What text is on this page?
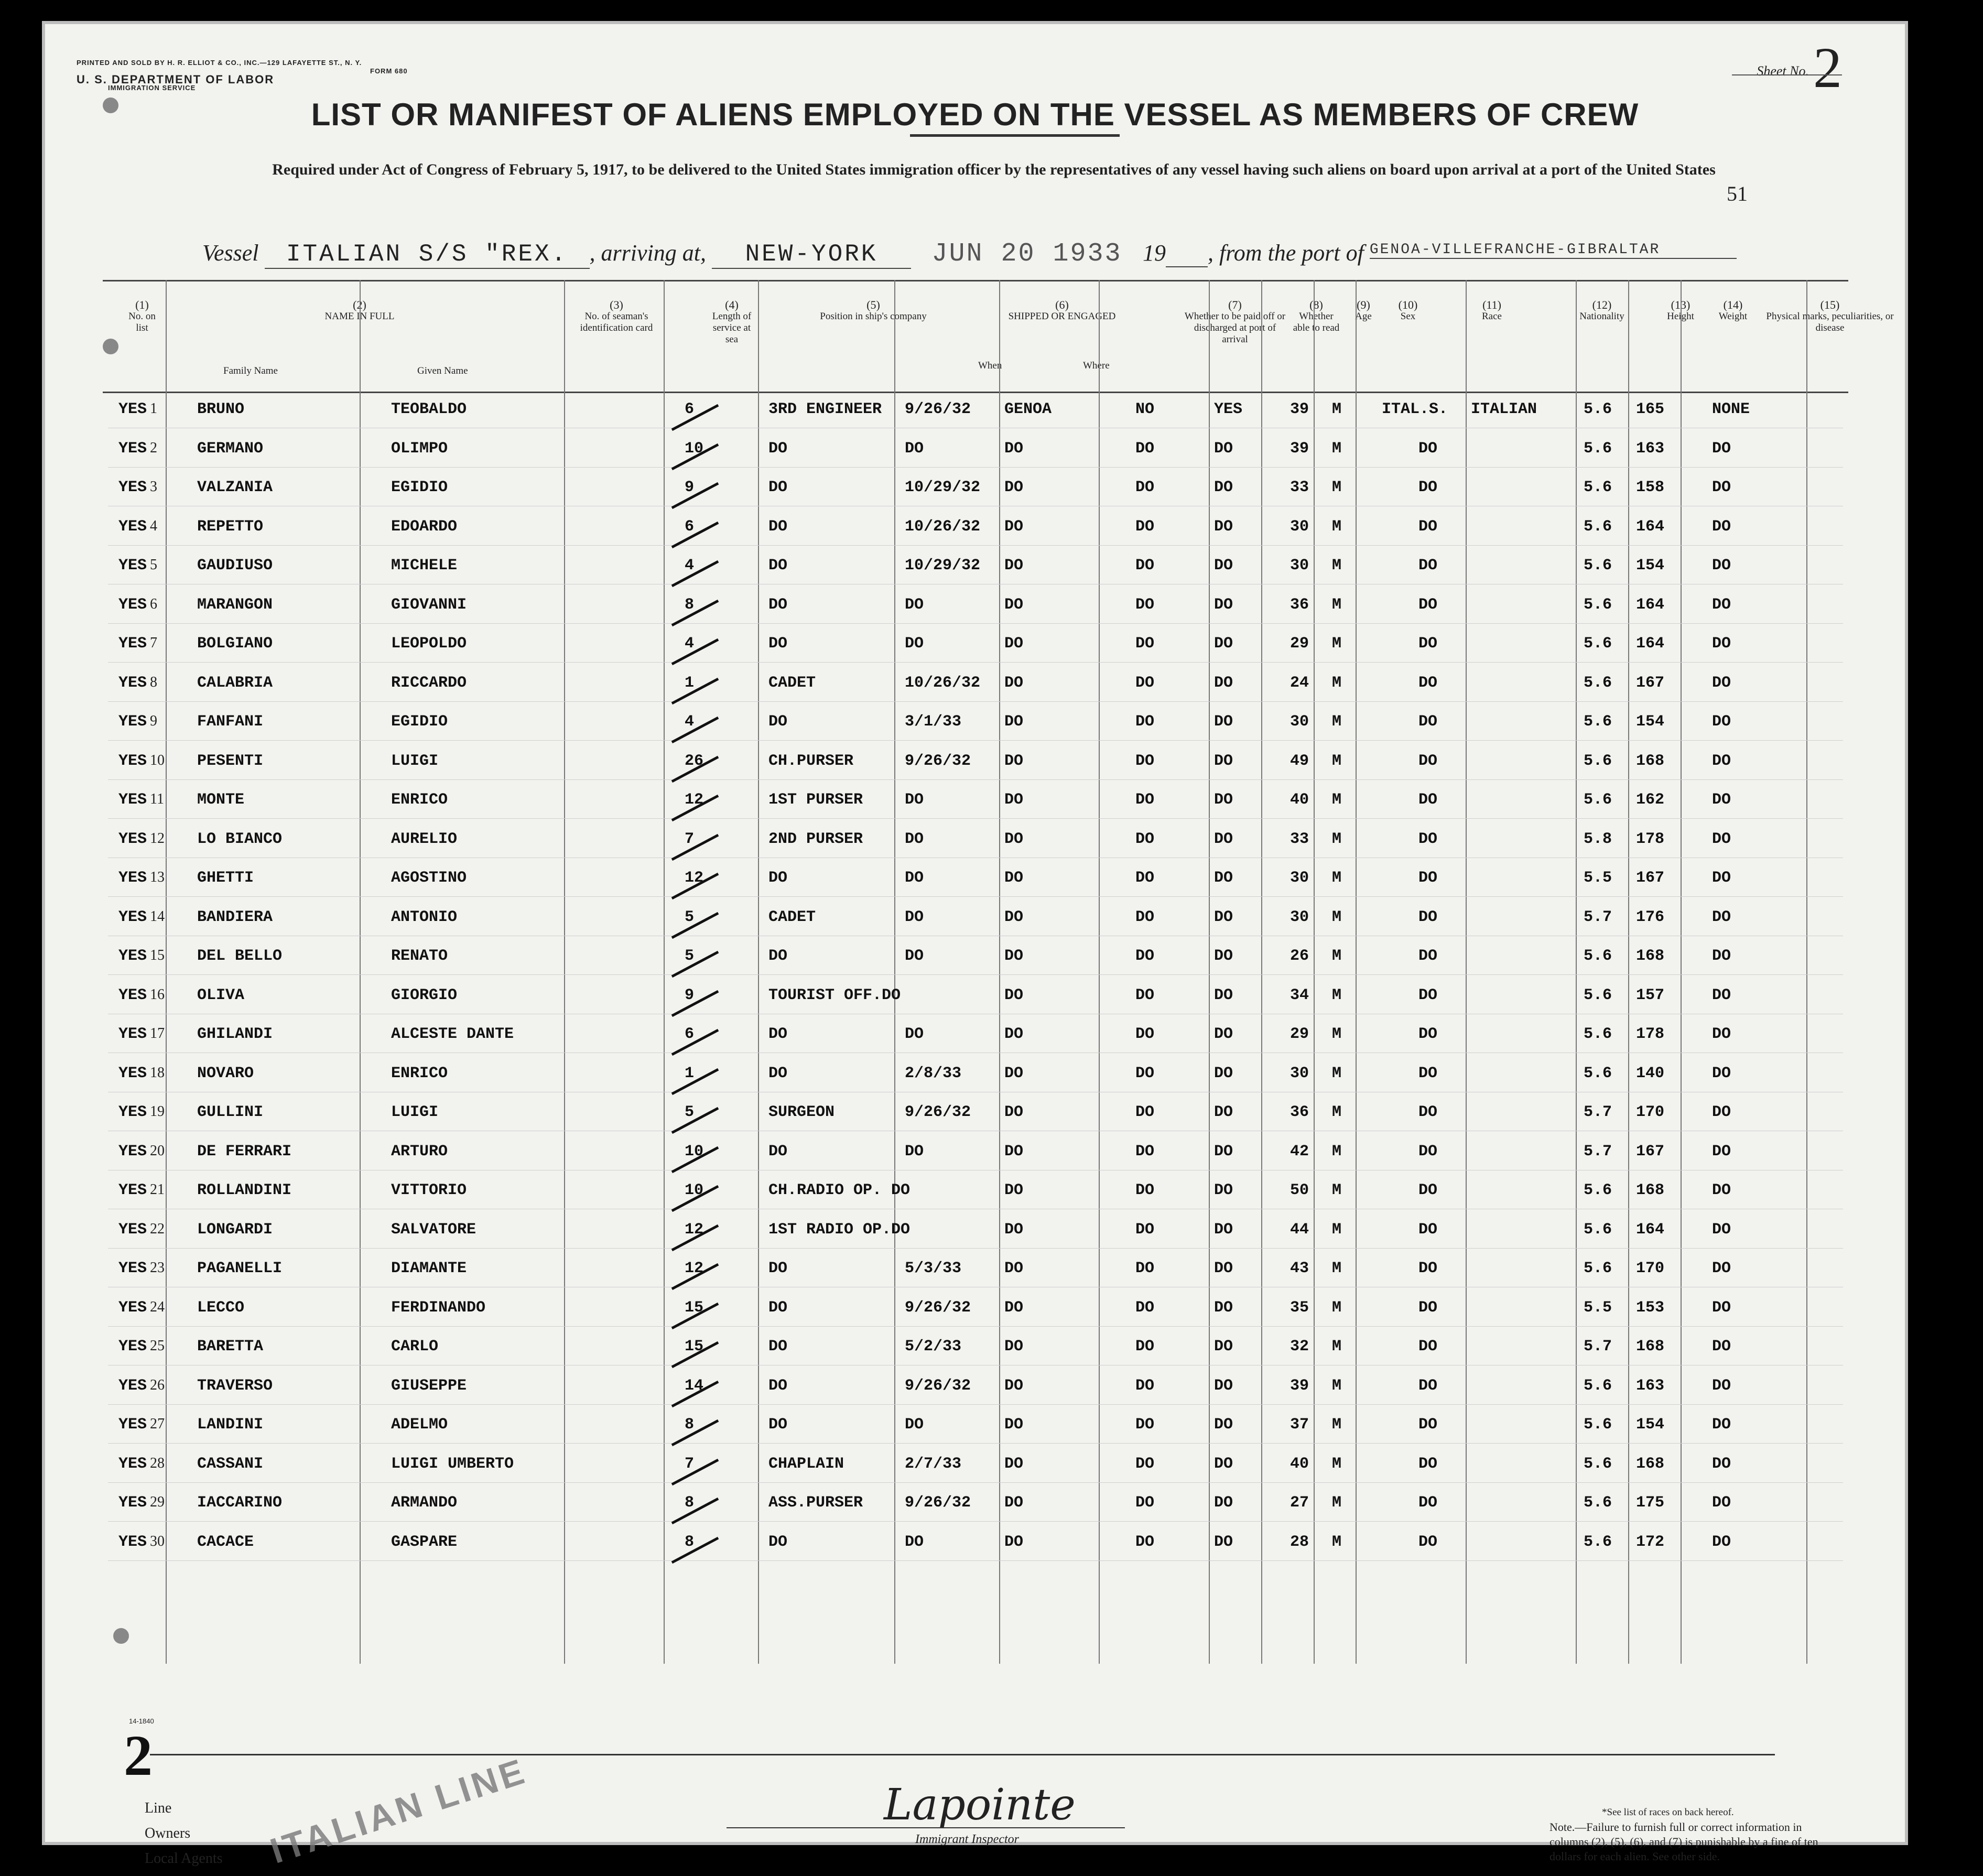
PRINTED AND SOLD BY H. R. ELLIOT & CO., INC.—129 LAFAYETTE ST., N. Y.
FORM 680
U. S. DEPARTMENT OF LABOR
IMMIGRATION SERVICE
Sheet No.2
LIST OR MANIFEST OF ALIENS EMPLOYED ON THE VESSEL AS MEMBERS OF CREW
Required under Act of Congress of February 5, 1917, to be delivered to the United States immigration officer by the representatives of any vessel having such aliens on board upon arrival at a port of the United States
51
Vessel ITALIAN S/S "REX. , arriving at, NEW-YORK JUN 20 1933 19 , from the port of GENOA-VILLEFRANCHE-GIBRALTAR
(1)
No. on list
(2)
NAME IN FULL
Family Name	Given Name
(3)
No. of seaman's identification card
(4)
Length of service at sea
(5)
Position in ship's company
(6)
SHIPPED OR ENGAGED
When	Where
(7)
Whether to be paid off or discharged at port of arrival
(8)
Whether able to read
(9)
Age
(10)
Sex
(11)
Race
(12)
Nationality
(13)
Height
(14)
Weight
(15)
Physical marks, peculiarities, or disease
YES 1	BRUNO	TEOBALDO	6	3RD ENGINEER 9/26/32 GENOA	NO	YES	39 M	ITAL.S. ITALIAN	5.6 165	NONE
YES 2	GERMANO	OLIMPO	10	DO	DO	DO	DO	DO	39 M	DO	5.6 163	DO
YES 3	VALZANIA	EGIDIO	9	DO	10/29/32 DO	DO	DO	33 M	DO	5.6 158	DO
YES 4	REPETTO	EDOARDO	6	DO	10/26/32 DO	DO	DO	30 M	DO	5.6 164	DO
YES 5	GAUDIUSO	MICHELE	4	DO	10/29/32 DO	DO	DO	30 M	DO	5.6 154	DO
YES 6	MARANGON	GIOVANNI	8	DO	DO	DO	DO	DO	36 M	DO	5.6 164	DO
YES 7	BOLGIANO	LEOPOLDO	4	DO	DO	DO	DO	DO	29 M	DO	5.6 164	DO
YES 8	CALABRIA	RICCARDO	1	CADET	10/26/32 DO	DO	DO	24 M	DO	5.6 167	DO
YES 9	FANFANI	EGIDIO	4	DO	3/1/33	DO	DO	DO	30 M	DO	5.6 154	DO
YES 10 PESENTI	LUIGI	26	CH.PURSER	9/26/32 DO	DO	DO	49 M	DO	5.6 168	DO
YES 11 MONTE	ENRICO	12	1ST PURSER	DO	DO	DO	DO	40 M	DO	5.6 162	DO
YES 12 LO BIANCO	AURELIO	7	2ND PURSER	DO	DO	DO	DO	33 M	DO	5.8 178	DO
YES 13 GHETTI	AGOSTINO	12	DO	DO	DO	DO	DO	30 M	DO	5.5 167	DO
YES 14 BANDIERA	ANTONIO	5	CADET	DO	DO	DO	DO	30 M	DO	5.7 176	DO
YES 15 DEL BELLO	RENATO	5	DO	DO	DO	DO	DO	26 M	DO	5.6 168	DO
YES 16 OLIVA	GIORGIO	9	TOURIST OFF.DO	DO	DO	DO	34 M	DO	5.6 157	DO
YES 17 GHILANDI	ALCESTE DANTE	6	DO	DO	DO	DO	DO	29 M	DO	5.6 178	DO
YES 18 NOVARO	ENRICO	1	DO	2/8/33	DO	DO	DO	30 M	DO	5.6 140	DO
YES 19 GULLINI	LUIGI	5	SURGEON	9/26/32 DO	DO	DO	36 M	DO	5.7 170	DO
YES 20 DE FERRARI	ARTURO	10	DO	DO	DO	DO	DO	42 M	DO	5.7 167	DO
YES 21 ROLLANDINI	VITTORIO	10	CH.RADIO OP. DO	DO	DO	DO	50 M	DO	5.6 168	DO
YES 22 LONGARDI	SALVATORE	12	1ST RADIO OP.DO	DO	DO	DO	44 M	DO	5.6 164	DO
YES 23 PAGANELLI	DIAMANTE	12	DO	5/3/33	DO	DO	DO	43 M	DO	5.6 170	DO
YES 24 LECCO	FERDINANDO	15	DO	9/26/32 DO	DO	DO	35 M	DO	5.5 153	DO
YES 25 BARETTA	CARLO	15	DO	5/2/33	DO	DO	DO	32 M	DO	5.7 168	DO
YES 26 TRAVERSO	GIUSEPPE	14	DO	9/26/32 DO	DO	DO	39 M	DO	5.6 163	DO
YES 27 LANDINI	ADELMO	8	DO	DO	DO	DO	DO	37 M	DO	5.6 154	DO
YES 28 CASSANI	LUIGI UMBERTO	7	CHAPLAIN	2/7/33	DO	DO	DO	40 M	DO	5.6 168	DO
YES 29 IACCARINO	ARMANDO	8	ASS.PURSER	9/26/32 DO	DO	DO	27 M	DO	5.6 175	DO
YES 30 CACACE	GASPARE	8	DO	DO	DO	DO	DO	28 M	DO	5.6 172	DO
Line
Owners
Local Agents ITALIAN LINE	Lapointe
Immigrant Inspector
*See list of races on back hereof.
Note.—Failure to furnish full or correct information in columns (2), (5), (6), and (7) is punishable by a fine of ten dollars for each alien. See other side.
2
14-1840
